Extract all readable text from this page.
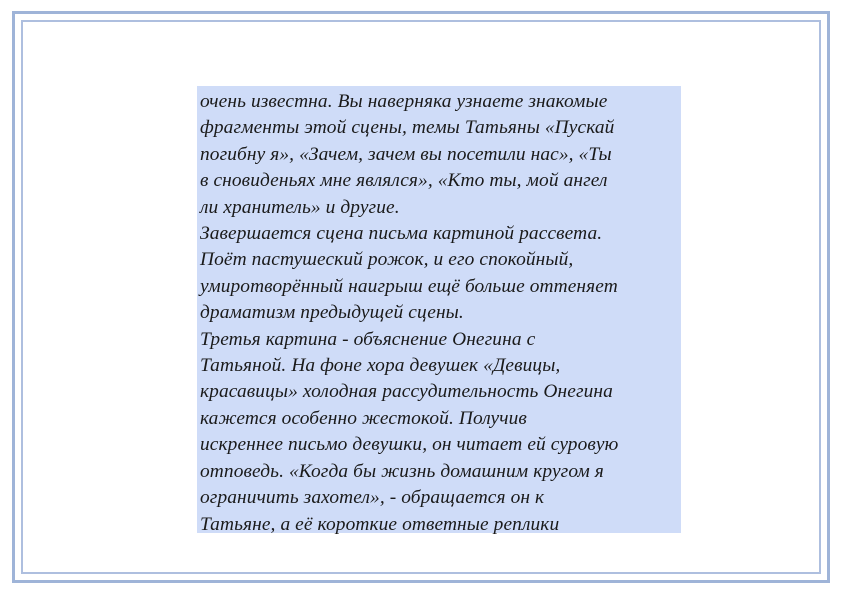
очень известна. Вы наверняка узнаете знакомые
фрагменты этой сцены, темы Татьяны «Пускай
погибну я», «Зачем, зачем вы посетили нас», «Ты
в сновиденьях мне являлся», «Кто ты, мой ангел
ли хранитель» и другие.
Завершается сцена письма картиной рассвета.
Поёт пастушеский рожок, и его спокойный,
умиротворённый наигрыш ещё больше оттеняет
драматизм предыдущей сцены.
Третья картина - объяснение Онегина с
Татьяной. На фоне хора девушек «Девицы,
красавицы» холодная рассудительность Онегина
кажется особенно жестокой. Получив
искреннее письмо девушки, он читает ей суровую
отповедь. «Когда бы жизнь домашним кругом я
ограничить захотел», - обращается он к
Татьяне, а её короткие ответные реплики
